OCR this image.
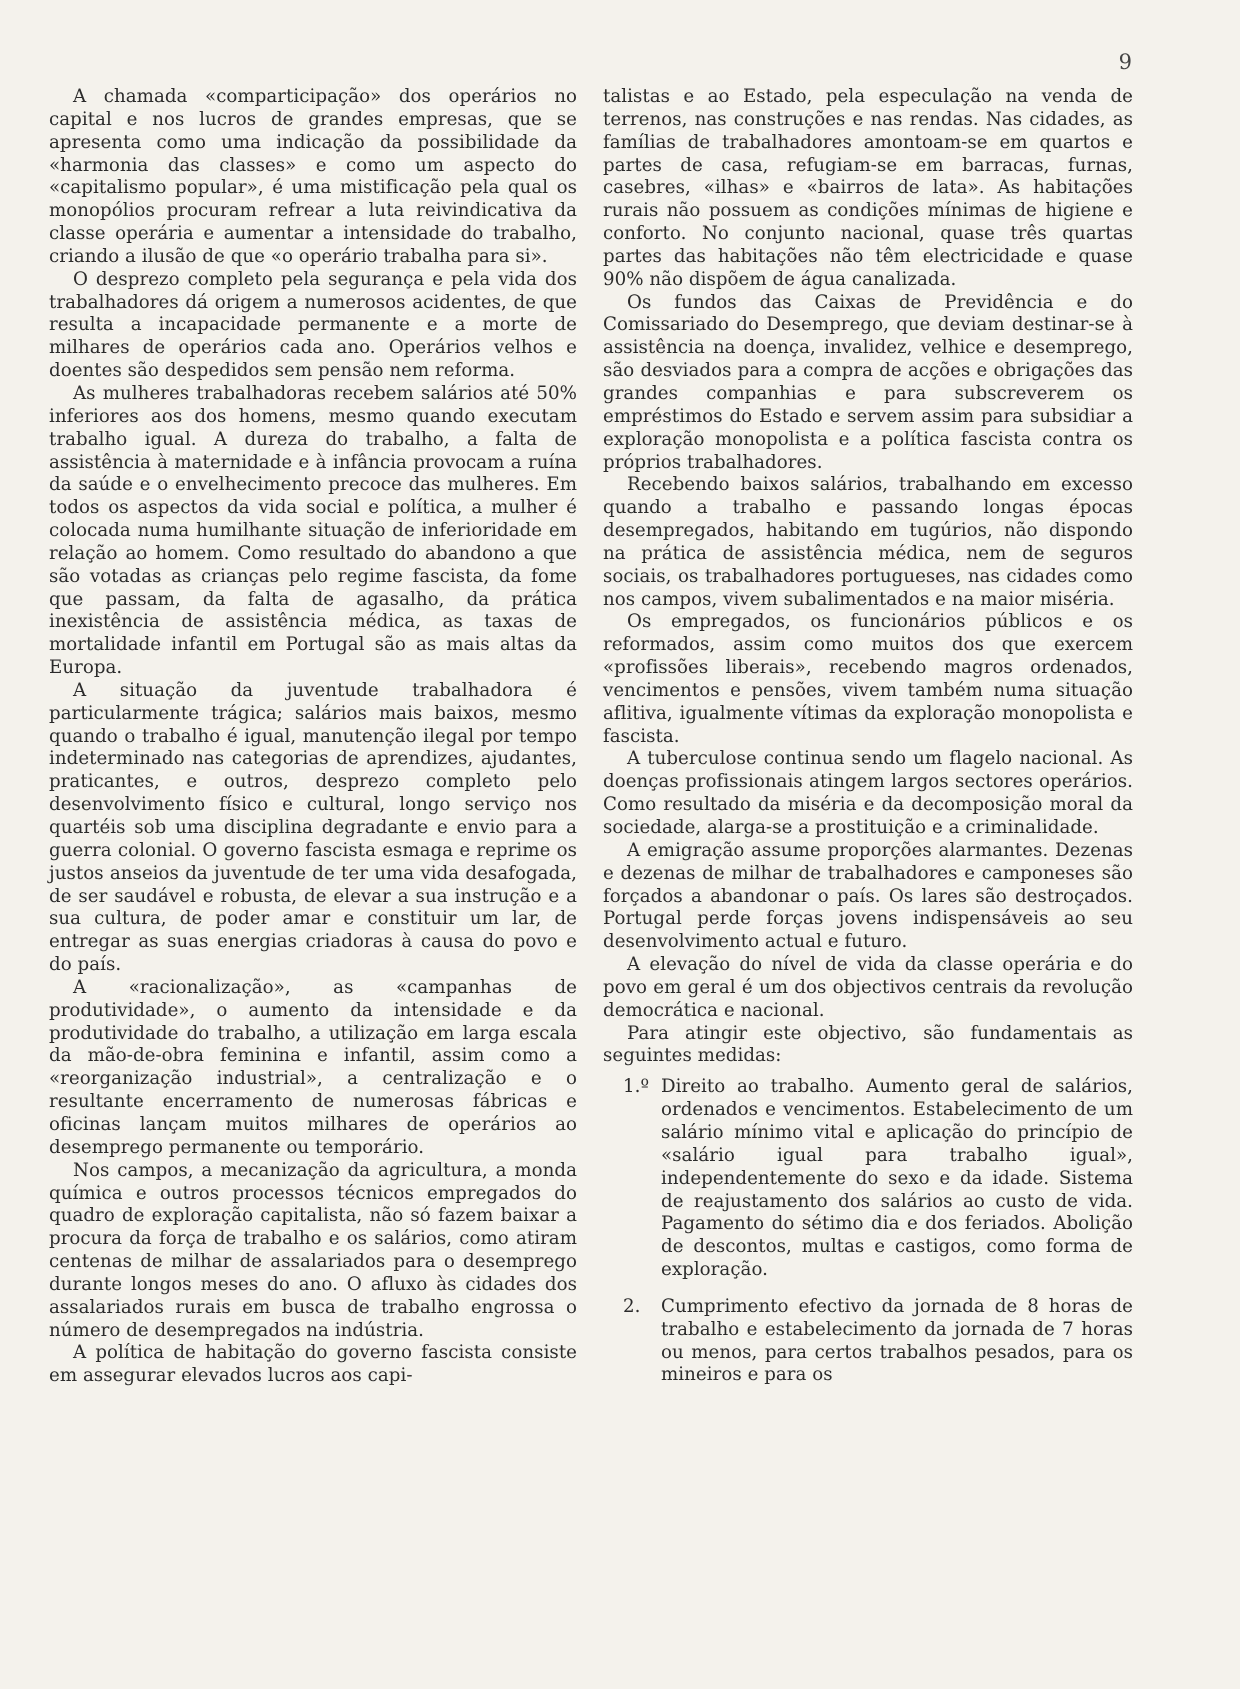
9

A chamada «comparticipação» dos operários no capital e nos lucros de grandes empresas, que se apresenta como uma indicação da possibilidade da «harmonia das classes» e como um aspecto do «capitalismo popular», é uma mistificação pela qual os monopólios procuram refrear a luta reivindicativa da classe operária e aumentar a intensidade do trabalho, criando a ilusão de que «o operário trabalha para si».

O desprezo completo pela segurança e pela vida dos trabalhadores dá origem a numerosos acidentes, de que resulta a incapacidade permanente e a morte de milhares de operários cada ano. Operários velhos e doentes são despedidos sem pensão nem reforma.

As mulheres trabalhadoras recebem salários até 50% inferiores aos dos homens, mesmo quando executam trabalho igual. A dureza do trabalho, a falta de assistência à maternidade e à infância provocam a ruína da saúde e o envelhecimento precoce das mulheres. Em todos os aspectos da vida social e política, a mulher é colocada numa humilhante situação de inferioridade em relação ao homem. Como resultado do abandono a que são votadas as crianças pelo regime fascista, da fome que passam, da falta de agasalho, da prática inexistência de assistência médica, as taxas de mortalidade infantil em Portugal são as mais altas da Europa.

A situação da juventude trabalhadora é particularmente trágica; salários mais baixos, mesmo quando o trabalho é igual, manutenção ilegal por tempo indeterminado nas categorias de aprendizes, ajudantes, praticantes, e outros, desprezo completo pelo desenvolvimento físico e cultural, longo serviço nos quartéis sob uma disciplina degradante e envio para a guerra colonial. O governo fascista esmaga e reprime os justos anseios da juventude de ter uma vida desafogada, de ser saudável e robusta, de elevar a sua instrução e a sua cultura, de poder amar e constituir um lar, de entregar as suas energias criadoras à causa do povo e do país.

A «racionalização», as «campanhas de produtividade», o aumento da intensidade e da produtividade do trabalho, a utilização em larga escala da mão-de-obra feminina e infantil, assim como a «reorganização industrial», a centralização e o resultante encerramento de numerosas fábricas e oficinas lançam muitos milhares de operários ao desemprego permanente ou temporário.

Nos campos, a mecanização da agricultura, a monda química e outros processos técnicos empregados do quadro de exploração capitalista, não só fazem baixar a procura da força de trabalho e os salários, como atiram centenas de milhar de assalariados para o desemprego durante longos meses do ano. O afluxo às cidades dos assalariados rurais em busca de trabalho engrossa o número de desempregados na indústria.

A política de habitação do governo fascista consiste em assegurar elevados lucros aos capi-

talistas e ao Estado, pela especulação na venda de terrenos, nas construções e nas rendas. Nas cidades, as famílias de trabalhadores amontoam-se em quartos e partes de casa, refugiam-se em barracas, furnas, casebres, «ilhas» e «bairros de lata». As habitações rurais não possuem as condições mínimas de higiene e conforto. No conjunto nacional, quase três quartas partes das habitações não têm electricidade e quase 90% não dispõem de água canalizada.

Os fundos das Caixas de Previdência e do Comissariado do Desemprego, que deviam destinar-se à assistência na doença, invalidez, velhice e desemprego, são desviados para a compra de acções e obrigações das grandes companhias e para subscreverem os empréstimos do Estado e servem assim para subsidiar a exploração monopolista e a política fascista contra os próprios trabalhadores.

Recebendo baixos salários, trabalhando em excesso quando a trabalho e passando longas épocas desempregados, habitando em tugúrios, não dispondo na prática de assistência médica, nem de seguros sociais, os trabalhadores portugueses, nas cidades como nos campos, vivem subalimentados e na maior miséria.

Os empregados, os funcionários públicos e os reformados, assim como muitos dos que exercem «profissões liberais», recebendo magros ordenados, vencimentos e pensões, vivem também numa situação aflitiva, igualmente vítimas da exploração monopolista e fascista.

A tuberculose continua sendo um flagelo nacional. As doenças profissionais atingem largos sectores operários. Como resultado da miséria e da decomposição moral da sociedade, alarga-se a prostituição e a criminalidade.

A emigração assume proporções alarmantes. Dezenas e dezenas de milhar de trabalhadores e camponeses são forçados a abandonar o país. Os lares são destroçados. Portugal perde forças jovens indispensáveis ao seu desenvolvimento actual e futuro.

A elevação do nível de vida da classe operária e do povo em geral é um dos objectivos centrais da revolução democrática e nacional.

Para atingir este objectivo, são fundamentais as seguintes medidas:

1.º Direito ao trabalho. Aumento geral de salários, ordenados e vencimentos. Estabelecimento de um salário mínimo vital e aplicação do princípio de «salário igual para trabalho igual», independentemente do sexo e da idade. Sistema de reajustamento dos salários ao custo de vida. Pagamento do sétimo dia e dos feriados. Abolição de descontos, multas e castigos, como forma de exploração.
2.	Cumprimento efectivo da jornada de 8 horas de trabalho e estabelecimento da jornada de 7 horas ou menos, para certos trabalhos pesados, para os mineiros e para os
